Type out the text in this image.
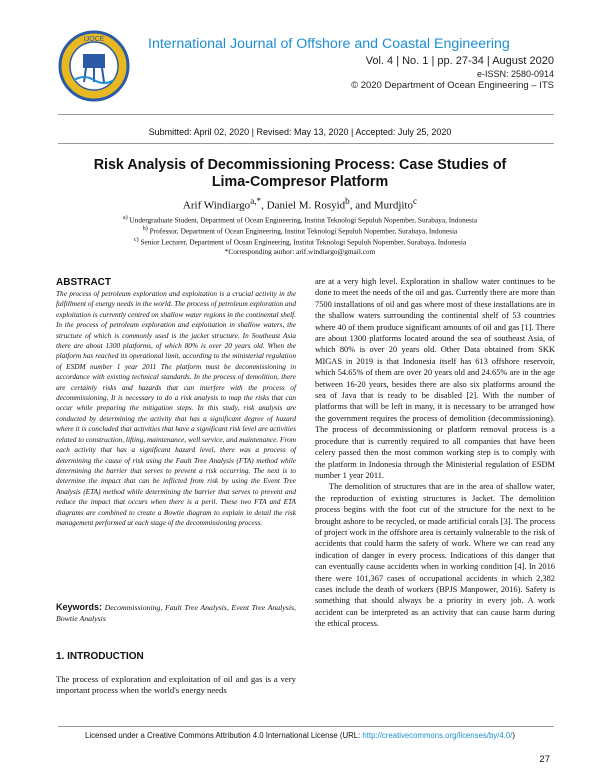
IJOCE	International Journal of Offshore and Coastal Engineering
Vol. 4 | No. 1 | pp. 27-34 | August 2020
e-ISSN: 2580-0914
© 2020 Department of Ocean Engineering – ITS
Submitted: April 02, 2020 | Revised: May 13, 2020 | Accepted: July 25, 2020
Risk Analysis of Decommissioning Process: Case Studies of
Lima-Compresor Platform
Arif Windiargo$^{a,*}$, Daniel M. Rosyid$^b$, and Murdjito$^c$
$^{a)}$ Undergraduate Student, Department of Ocean Engineering, Institut Teknologi Sepuluh Nopember, Surabaya, Indonesia
$^{b)}$ Professor, Department of Ocean Engineering, Institut Teknologi Sepuluh Nopember, Surabaya, Indonesia
$^{c)}$ Senior Lecturer, Department of Ocean Engineering, Institut Teknologi Sepuluh Nopember, Surabaya, Indonesia
*Corresponding author: arif.windiargo@gmail.com
ABSTRACT
The process of petroleum exploration and exploitation is a crucial activity in the fulfillment of energy needs in the world. The process of petroleum exploration and exploitation is currently centred on shallow water regions in the continental shelf. In the process of petroleum exploration and exploitation in shallow waters, the structure of which is commonly used is the jacket structure. In Southeast Asia there are about 1300 platforms, of which 80% is over 20 years old. When the platform has reached its operational limit, according to the ministerial regulation of ESDM number 1 year 2011 The platform must be decommissioning in accordance with existing technical standards. In the process of demolition, there are certainly risks and hazards that can interfere with the process of decommissioning. It is necessary to do a risk analysis to map the risks that can occur while preparing the mitigation steps. In this study, risk analysis are conducted by determining the activity that has a significant degree of hazard where it is concluded that activities that have a significant risk level are activities related to construction, lifting, maintenance, well service, and maintenance. From each activity that has a significant hazard level, there was a process of determining the cause of risk using the Fault Tree Analysis (FTA) method while determining the barrier that serves to prevent a risk occurring. The next is to determine the impact that can be inflicted from risk by using the Event Tree Analysis (ETA) method while determining the barrier that serves to prevent and reduce the impact that occurs when there is a peril. These two FTA and ETA diagrams are combined to create a Bowtie diagram to explain in detail the risk management performed at each stage of the decommissioning process.
Keywords: Decommissioning, Fault Tree Analysis, Event Tree Analysis, Bowtie Analysis
1. INTRODUCTION
The process of exploration and exploitation of oil and gas is a very important process when the world's energy needs

are at a very high level. Exploration in shallow water continues to be done to meet the needs of the oil and gas. Currently there are more than 7500 installations of oil and gas where most of these installations are in the shallow waters surrounding the continental shelf of 53 countries where 40 of them produce significant amounts of oil and gas [1]. There are about 1300 platforms located around the sea of southeast Asia, of which 80% is over 20 years old. Other Data obtained from SKK MIGAS in 2019 is that Indonesia itself has 613 offshore reservoir, which 54.65% of them are over 20 years old and 24.65% are in the age between 16-20 years, besides there are also six platforms around the sea of Java that is ready to be disabled [2]. With the number of platforms that will be left in many, it is necessary to be arranged how the government requires the process of demolition (decommissioning). The process of decommissioning or platform removal process is a procedure that is currently required to all companies that have been celery passed then the most common working step is to comply with the platform in Indonesia through the Ministerial regulation of ESDM number 1 year 2011.

The demolition of structures that are in the area of shallow water, the reproduction of existing structures is Jacket. The demolition process begins with the foot cut of the structure for the next to be brought ashore to be recycled, or made artificial corals [3]. The process of project work in the offshore area is certainly vulnerable to the risk of accidents that could harm the safety of work. Where we can read any indication of danger in every process. Indications of this danger that can eventually cause accidents when in working condition [4]. In 2016 there were 101,367 cases of occupational accidents in which 2,382 cases include the death of workers (BPJS Manpower, 2016). Safety is something that should always be a priority in every job. A work accident can be interpreted as an activity that can cause harm during the ethical process.

Licensed under a Creative Commons Attribution 4.0 International License (URL: http://creativecommons.org/licenses/by/4.0/)
27
